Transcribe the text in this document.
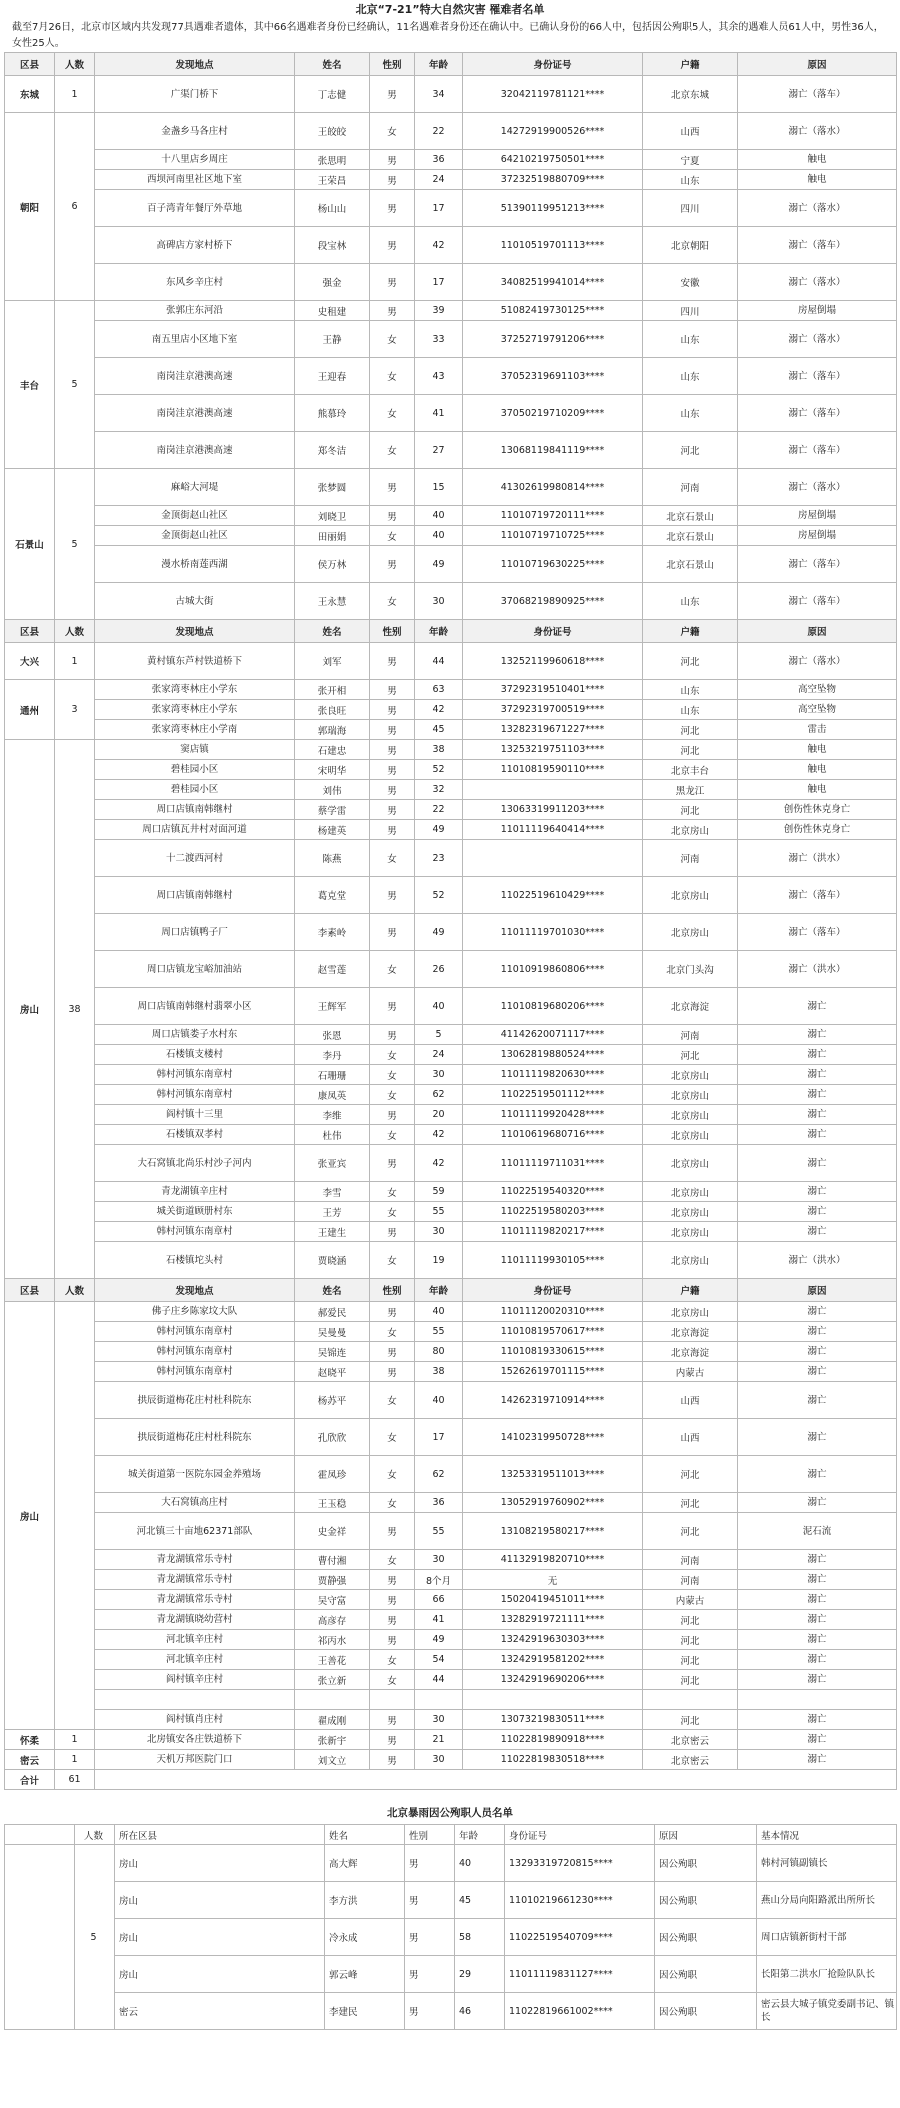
北京“7-21”特大自然灾害 罹难者名单
截至7月26日，北京市区域内共发现77具遇难者遗体，其中66名遇难者身份已经确认，11名遇难者身份还在确认中。已确认身份的66人中，包括因公殉职5人，其余的遇难人员61人中，男性36人，女性25人。
区县	人数	发现地点	姓名	性别	年龄	身份证号	户籍	原因
东城	1	广渠门桥下	丁志健	男	34	32042119781121****	北京东城	溺亡（落车）
朝阳	6	金盏乡马各庄村	王皎皎	女	22	14272919900526****	山西	溺亡（落水）
		十八里店乡周庄	张思明	男	36	64210219750501****	宁夏	触电
		西坝河南里社区地下室	王荣昌	男	24	37232519880709****	山东	触电
		百子湾青年餐厅外草地	杨山山	男	17	51390119951213****	四川	溺亡（落水）
		高碑店方家村桥下	段宝林	男	42	11010519701113****	北京朝阳	溺亡（落车）
		东风乡辛庄村	强金	男	17	34082519941014****	安徽	溺亡（落水）
丰台	5	张郭庄东河沿	史租建	男	39	51082419730125****	四川	房屋倒塌
		南五里店小区地下室	王静	女	33	37252719791206****	山东	溺亡（落水）
		南岗洼京港澳高速	王迎春	女	43	37052319691103****	山东	溺亡（落车）
		南岗洼京港澳高速	熊慕玲	女	41	37050219710209****	山东	溺亡（落车）
		南岗洼京港澳高速	郑冬洁	女	27	13068119841119****	河北	溺亡（落车）
石景山	5	麻峪大河堤	张梦圆	男	15	41302619980814****	河南	溺亡（落水）
		金顶街赵山社区	刘晓卫	男	40	11010719720111****	北京石景山	房屋倒塌
		金顶街赵山社区	田丽娟	女	40	11010719710725****	北京石景山	房屋倒塌
		漫水桥南莲西湖	侯万林	男	49	11010719630225****	北京石景山	溺亡（落车）
		古城大街	王永慧	女	30	37068219890925****	山东	溺亡（落车）
区县	人数	发现地点	姓名	性别	年龄	身份证号	户籍	原因
大兴	1	黄村镇东芦村铁道桥下	刘军	男	44	13252119960618****	河北	溺亡（落水）
通州	3	张家湾枣林庄小学东	张开相	男	63	37292319510401****	山东	高空坠物
		张家湾枣林庄小学东	张良旺	男	42	37292319700519****	山东	高空坠物
		张家湾枣林庄小学南	郭瑞海	男	45	13282319671227****	河北	雷击
房山	38	窦店镇	石建忠	男	38	13253219751103****	河北	触电
		碧桂园小区	宋明华	男	52	11010819590110****	北京丰台	触电
		碧桂园小区	刘伟	男	32		黑龙江	触电
		周口店镇南韩继村	蔡学雷	男	22	13063319911203****	河北	创伤性休克身亡
		周口店镇瓦井村对面河道	杨建英	男	49	11011119640414****	北京房山	创伤性休克身亡
		十二渡西河村	陈燕	女	23		河南	溺亡（洪水）
		周口店镇南韩继村	葛克堂	男	52	11022519610429****	北京房山	溺亡（落车）
		周口店镇鸭子厂	李素岭	男	49	11011119701030****	北京房山	溺亡（落车）
		周口店镇龙宝峪加油站	赵雪莲	女	26	11010919860806****	北京门头沟	溺亡（洪水）
		周口店镇南韩继村翡翠小区	王辉军	男	40	11010819680206****	北京海淀	溺亡
		周口店镇娄子水村东	张恩	男	5	41142620071117****	河南	溺亡
		石楼镇支楼村	李丹	女	24	13062819880524****	河北	溺亡
		韩村河镇东南章村	石珊珊	女	30	11011119820630****	北京房山	溺亡
		韩村河镇东南章村	康凤英	女	62	11022519501112****	北京房山	溺亡
		阎村镇十三里	李维	男	20	11011119920428****	北京房山	溺亡
		石楼镇双孝村	杜伟	女	42	11010619680716****	北京房山	溺亡
		大石窝镇北尚乐村沙子河内	张亚宾	男	42	11011119711031****	北京房山	溺亡
		青龙湖镇辛庄村	李雪	女	59	11022519540320****	北京房山	溺亡
		城关街道顾册村东	王芳	女	55	11022519580203****	北京房山	溺亡
		韩村河镇东南章村	王建生	男	30	11011119820217****	北京房山	溺亡
		石楼镇坨头村	贾晓涵	女	19	11011119930105****	北京房山	溺亡（洪水）
区县	人数	发现地点	姓名	性别	年龄	身份证号	户籍	原因
房山		佛子庄乡陈家坟大队	郝爱民	男	40	11011120020310****	北京房山	溺亡
		韩村河镇东南章村	吴曼曼	女	55	11010819570617****	北京海淀	溺亡
		韩村河镇东南章村	吴锦连	男	80	11010819330615****	北京海淀	溺亡
		韩村河镇东南章村	赵晓平	男	38	15262619701115****	内蒙古	溺亡
		拱辰街道梅花庄村杜科院东	杨苏平	女	40	14262319710914****	山西	溺亡
		拱辰街道梅花庄村杜科院东	孔欣欣	女	17	14102319950728****	山西	溺亡
		城关街道第一医院东园金养殖场	霍凤珍	女	62	13253319511013****	河北	溺亡
		大石窝镇高庄村	王玉稳	女	36	13052919760902****	河北	溺亡
		河北镇三十亩地62371部队	史金祥	男	55	13108219580217****	河北	泥石流
		青龙湖镇常乐寺村	曹付湘	女	30	41132919820710****	河南	溺亡
		青龙湖镇常乐寺村	贾静强	男	8个月	无	河南	溺亡
		青龙湖镇常乐寺村	吴守富	男	66	15020419451011****	内蒙古	溺亡
		青龙湖镇晓幼营村	高彦存	男	41	13282919721111****	河北	溺亡
		河北镇辛庄村	祁丙水	男	49	13242919630303****	河北	溺亡
		河北镇辛庄村	王善花	女	54	13242919581202****	河北	溺亡
		阎村镇辛庄村	张立新	女	44	13242919690206****	河北	溺亡

		阎村镇肖庄村	翟成刚	男	30	13073219830511****	河北	溺亡
怀柔	1	北房镇安各庄铁道桥下	张新宇	男	21	11022819890918****	北京密云	溺亡
密云	1	天机万邦医院门口	刘文立	男	30	11022819830518****	北京密云	溺亡
合计	61							
北京暴雨因公殉职人员名单
	人数	所在区县	姓名	性别	年龄	身份证号	原因	基本情况
	5	房山	高大辉	男	40	13293319720815****	因公殉职	韩村河镇副镇长
		房山	李方洪	男	45	11010219661230****	因公殉职	燕山分局向阳路派出所所长
		房山	冷永成	男	58	11022519540709****	因公殉职	周口店镇新街村干部
		房山	郭云峰	男	29	11011119831127****	因公殉职	长阳第二洪水厂抢险队队长
		密云	李建民	男	46	11022819661002****	因公殉职	密云县大城子镇党委副书记、镇长
